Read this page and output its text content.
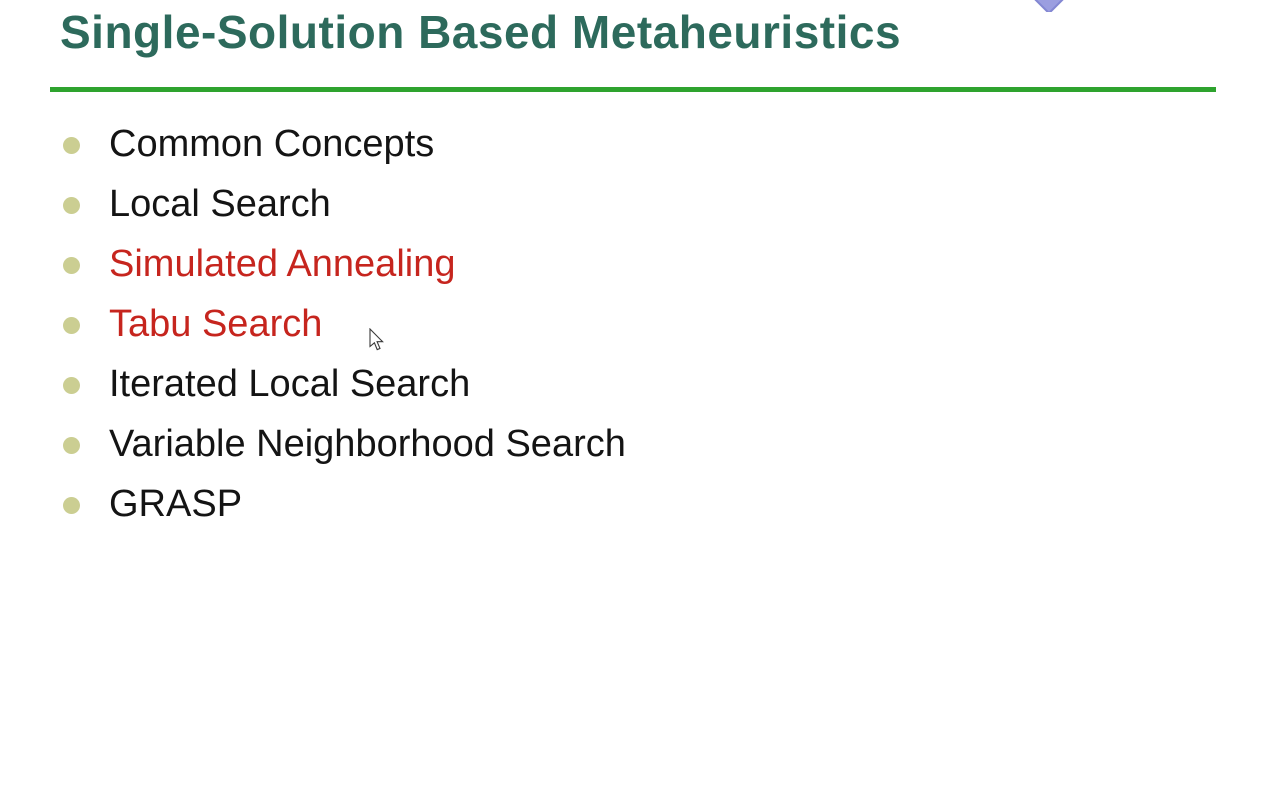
Single-Solution Based Metaheuristics
Common Concepts
Local Search
Simulated Annealing
Tabu Search
Iterated Local Search
Variable Neighborhood Search
GRASP
